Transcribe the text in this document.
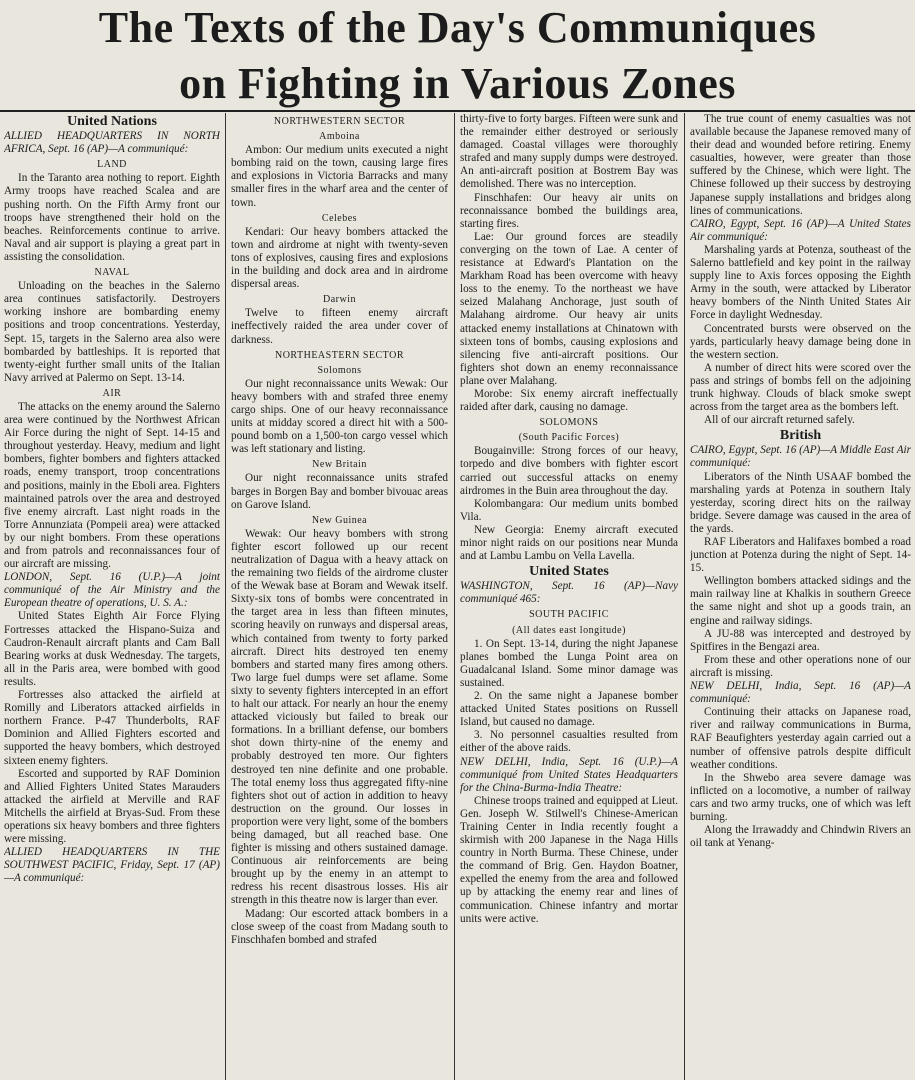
The Texts of the Day's Communiques
on Fighting in Various Zones

United Nations

ALLIED HEADQUARTERS IN NORTH AFRICA, Sept. 16 (AP)—A communiqué:

LAND

In the Taranto area nothing to report. Eighth Army troops have reached Scalea and are pushing north. On the Fifth Army front our troops have strengthened their hold on the beaches. Reinforcements continue to arrive. Naval and air support is playing a great part in assisting the consolidation.

NAVAL

Unloading on the beaches in the Salerno area continues satisfactorily. Destroyers working inshore are bombarding enemy positions and troop concentrations. Yesterday, Sept. 15, targets in the Salerno area also were bombarded by battleships. It is reported that twenty-eight further small units of the Italian Navy arrived at Palermo on Sept. 13-14.

AIR

The attacks on the enemy around the Salerno area were continued by the Northwest African Air Force during the night of Sept. 14-15 and throughout yesterday. Heavy, medium and light bombers, fighter bombers and fighters attacked roads, enemy transport, troop concentrations and positions, mainly in the Eboli area. Fighters maintained patrols over the area and destroyed five enemy aircraft. Last night roads in the Torre Annunziata (Pompeii area) were attacked by our night bombers. From these operations and from patrols and reconnaissances four of our aircraft are missing.

LONDON, Sept. 16 (U.P.)—A joint communiqué of the Air Ministry and the European theatre of operations, U. S. A.:

United States Eighth Air Force Flying Fortresses attacked the Hispano-Suiza and Caudron-Renault aircraft plants and Cam Ball Bearing works at dusk Wednesday. The targets, all in the Paris area, were bombed with good results.

Fortresses also attacked the airfield at Romilly and Liberators attacked airfields in northern France. P-47 Thunderbolts, RAF Dominion and Allied Fighters escorted and supported the heavy bombers, which destroyed sixteen enemy fighters.

Escorted and supported by RAF Dominion and Allied Fighters United States Marauders attacked the airfield at Merville and RAF Mitchells the airfield at Bryas-Sud. From these operations six heavy bombers and three fighters were missing.

ALLIED HEADQUARTERS IN THE SOUTHWEST PACIFIC, Friday, Sept. 17 (AP)—A communiqué:

NORTHWESTERN SECTOR

Amboina

Ambon: Our medium units executed a night bombing raid on the town, causing large fires and explosions in Victoria Barracks and many smaller fires in the wharf area and the center of town.

Celebes

Kendari: Our heavy bombers attacked the town and airdrome at night with twenty-seven tons of explosives, causing fires and explosions in the building and dock area and in airdrome dispersal areas.

Darwin

Twelve to fifteen enemy aircraft ineffectively raided the area under cover of darkness.

NORTHEASTERN SECTOR

Solomons

Our night reconnaissance units Wewak: Our heavy bombers with and strafed three enemy cargo ships. One of our heavy reconnaissance units at midday scored a direct hit with a 500-pound bomb on a 1,500-ton cargo vessel which was left stationary and listing.

New Britain

Our night reconnaissance units strafed barges in Borgen Bay and bomber bivouac areas on Garove Island.

New Guinea

Wewak: Our heavy bombers with strong fighter escort followed up our recent neutralization of Dagua with a heavy attack on the remaining two fields of the airdrome cluster of the Wewak base at Boram and Wewak itself. Sixty-six tons of bombs were concentrated in the target area in less than fifteen minutes, scoring heavily on runways and dispersal areas, which contained from twenty to forty parked aircraft. Direct hits destroyed ten enemy bombers and started many fires among others. Two large fuel dumps were set aflame. Some sixty to seventy fighters intercepted in an effort to halt our attack. For nearly an hour the enemy attacked viciously but failed to break our formations. In a brilliant defense, our bombers shot down thirty-nine of the enemy and probably destroyed ten more. Our fighters destroyed ten nine definite and one probable. The total enemy loss thus aggregated fifty-nine fighters shot out of action in addition to heavy destruction on the ground. Our losses in proportion were very light, some of the bombers being damaged, but all reached base. One fighter is missing and others sustained damage. Continuous air reinforcements are being brought up by the enemy in an attempt to redress his recent disastrous losses. His air strength in this theatre now is larger than ever.

Madang: Our escorted attack bombers in a close sweep of the coast from Madang south to Finschhafen bombed and strafed

thirty-five to forty barges. Fifteen were sunk and the remainder either destroyed or seriously damaged. Coastal villages were thoroughly strafed and many supply dumps were destroyed. An anti-aircraft position at Bostrem Bay was demolished. There was no interception.

Finschhafen: Our heavy air units on reconnaissance bombed the buildings area, starting fires.

Lae: Our ground forces are steadily converging on the town of Lae. A center of resistance at Edward's Plantation on the Markham Road has been overcome with heavy loss to the enemy. To the northeast we have seized Malahang Anchorage, just south of Malahang airdrome. Our heavy air units attacked enemy installations at Chinatown with sixteen tons of bombs, causing explosions and silencing five anti-aircraft positions. Our fighters shot down an enemy reconnaissance plane over Malahang.

Morobe: Six enemy aircraft ineffectually raided after dark, causing no damage.

SOLOMONS

(South Pacific Forces)

Bougainville: Strong forces of our heavy, torpedo and dive bombers with fighter escort carried out successful attacks on enemy airdromes in the Buin area throughout the day.

Kolombangara: Our medium units bombed Vila.

New Georgia: Enemy aircraft executed minor night raids on our positions near Munda and at Lambu Lambu on Vella Lavella.

United States

WASHINGTON, Sept. 16 (AP)—Navy communiqué 465:

SOUTH PACIFIC

(All dates east longitude)

1. On Sept. 13-14, during the night Japanese planes bombed the Lunga Point area on Guadalcanal Island. Some minor damage was sustained.

2. On the same night a Japanese bomber attacked United States positions on Russell Island, but caused no damage.

3. No personnel casualties resulted from either of the above raids.

NEW DELHI, India, Sept. 16 (U.P.)—A communiqué from United States Headquarters for the China-Burma-India Theatre:

Chinese troops trained and equipped at Lieut. Gen. Joseph W. Stilwell's Chinese-American Training Center in India recently fought a skirmish with 200 Japanese in the Naga Hills country in North Burma. These Chinese, under the command of Brig. Gen. Haydon Boatner, expelled the enemy from the area and followed up by attacking the enemy rear and lines of communication. Chinese infantry and mortar units were active.

The true count of enemy casualties was not available because the Japanese removed many of their dead and wounded before retiring. Enemy casualties, however, were greater than those suffered by the Chinese, which were light. The Chinese followed up their success by destroying Japanese supply installations and bridges along lines of communications.

CAIRO, Egypt, Sept. 16 (AP)—A United States Air communiqué:

Marshaling yards at Potenza, southeast of the Salerno battlefield and key point in the railway supply line to Axis forces opposing the Eighth Army in the south, were attacked by Liberator heavy bombers of the Ninth United States Air Force in daylight Wednesday.

Concentrated bursts were observed on the yards, particularly heavy damage being done in the western section.

A number of direct hits were scored over the pass and strings of bombs fell on the adjoining trunk highway. Clouds of black smoke swept across from the target area as the bombers left.

All of our aircraft returned safely.

British

CAIRO, Egypt, Sept. 16 (AP)—A Middle East Air communiqué:

Liberators of the Ninth USAAF bombed the marshaling yards at Potenza in southern Italy yesterday, scoring direct hits on the railway bridge. Severe damage was caused in the area of the yards.

RAF Liberators and Halifaxes bombed a road junction at Potenza during the night of Sept. 14-15.

Wellington bombers attacked sidings and the main railway line at Khalkis in southern Greece the same night and shot up a goods train, an engine and railway sidings.

A JU-88 was intercepted and destroyed by Spitfires in the Bengazi area.

From these and other operations none of our aircraft is missing.

NEW DELHI, India, Sept. 16 (AP)—A communiqué:

Continuing their attacks on Japanese road, river and railway communications in Burma, RAF Beaufighters yesterday again carried out a number of offensive patrols despite difficult weather conditions.

In the Shwebo area severe damage was inflicted on a locomotive, a number of railway cars and two army trucks, one of which was left burning.

Along the Irrawaddy and Chindwin Rivers an oil tank at Yenang-
